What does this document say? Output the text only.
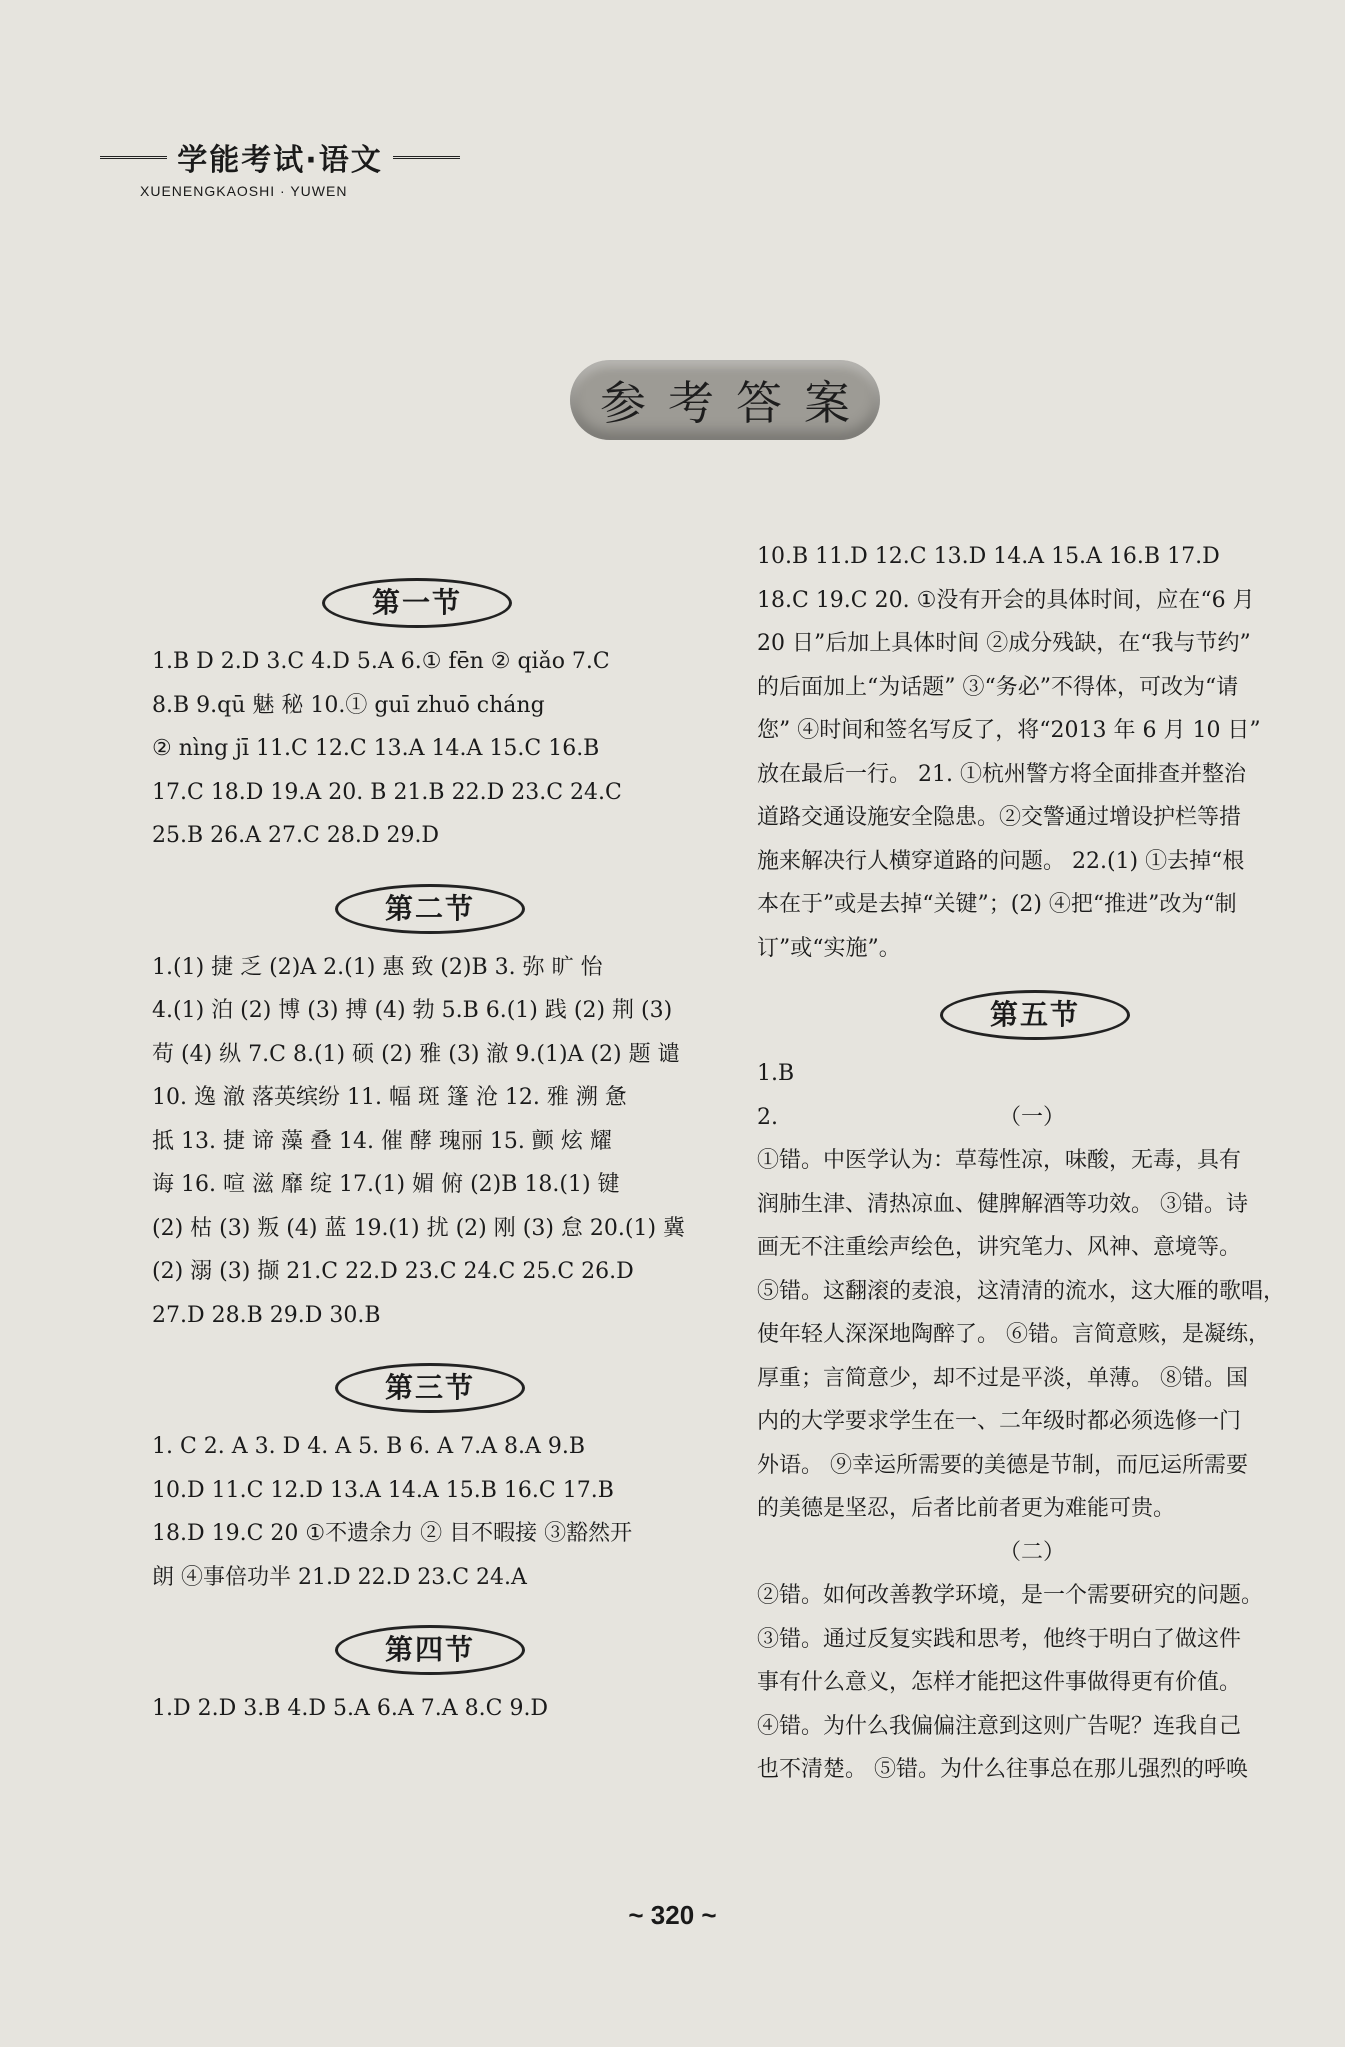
学能考试·语文
XUENENGKAOSHI · YUWEN
参考答案
第一节

1.B D 2.D 3.C 4.D 5.A 6.① fēn ② qiǎo 7.C

8.B 9.qū 魅 秘 10.① guī zhuō cháng

② nìng jī 11.C 12.C 13.A 14.A 15.C 16.B

17.C 18.D 19.A 20. B 21.B 22.D 23.C 24.C

25.B 26.A 27.C 28.D 29.D

第二节

1.(1) 捷 乏 (2)A 2.(1) 惠 致 (2)B 3. 弥 旷 怡

4.(1) 泊 (2) 博 (3) 搏 (4) 勃 5.B 6.(1) 践 (2) 荆 (3)

苟 (4) 纵 7.C 8.(1) 硕 (2) 雅 (3) 澈 9.(1)A (2) 题 谴

10. 逸 澈 落英缤纷 11. 幅 斑 篷 沧 12. 雅 溯 惫

抵 13. 捷 谛 藻 叠 14. 催 酵 瑰丽 15. 颤 炫 耀

诲 16. 喧 滋 靡 绽 17.(1) 媚 俯 (2)B 18.(1) 键

(2) 枯 (3) 叛 (4) 蓝 19.(1) 扰 (2) 刚 (3) 怠 20.(1) 冀

(2) 溺 (3) 撷 21.C 22.D 23.C 24.C 25.C 26.D

27.D 28.B 29.D 30.B

第三节

1. C 2. A 3. D 4. A 5. B 6. A 7.A 8.A 9.B

10.D 11.C 12.D 13.A 14.A 15.B 16.C 17.B

18.D 19.C 20 ①不遗余力 ② 目不暇接 ③豁然开

朗 ④事倍功半 21.D 22.D 23.C 24.A

第四节

1.D 2.D 3.B 4.D 5.A 6.A 7.A 8.C 9.D

10.B 11.D 12.C 13.D 14.A 15.A 16.B 17.D

18.C 19.C 20. ①没有开会的具体时间，应在“6 月

20 日”后加上具体时间 ②成分残缺，在“我与节约”

的后面加上“为话题” ③“务必”不得体，可改为“请

您” ④时间和签名写反了，将“2013 年 6 月 10 日”

放在最后一行。 21. ①杭州警方将全面排查并整治

道路交通设施安全隐患。②交警通过增设护栏等措

施来解决行人横穿道路的问题。 22.(1) ①去掉“根

本在于”或是去掉“关键”；(2) ④把“推进”改为“制

订”或“实施”。

第五节

1.B

2.	（一）

①错。中医学认为：草莓性凉，味酸，无毒，具有

润肺生津、清热凉血、健脾解酒等功效。 ③错。诗

画无不注重绘声绘色，讲究笔力、风神、意境等。

⑤错。这翻滚的麦浪，这清清的流水，这大雁的歌唱，

使年轻人深深地陶醉了。 ⑥错。言简意赅，是凝练，

厚重；言简意少，却不过是平淡，单薄。 ⑧错。国

内的大学要求学生在一、二年级时都必须选修一门

外语。 ⑨幸运所需要的美德是节制，而厄运所需要

的美德是坚忍，后者比前者更为难能可贵。

（二）

②错。如何改善教学环境，是一个需要研究的问题。

③错。通过反复实践和思考，他终于明白了做这件

事有什么意义，怎样才能把这件事做得更有价值。

④错。为什么我偏偏注意到这则广告呢？连我自己

也不清楚。 ⑤错。为什么往事总在那儿强烈的呼唤

~ 320 ~
